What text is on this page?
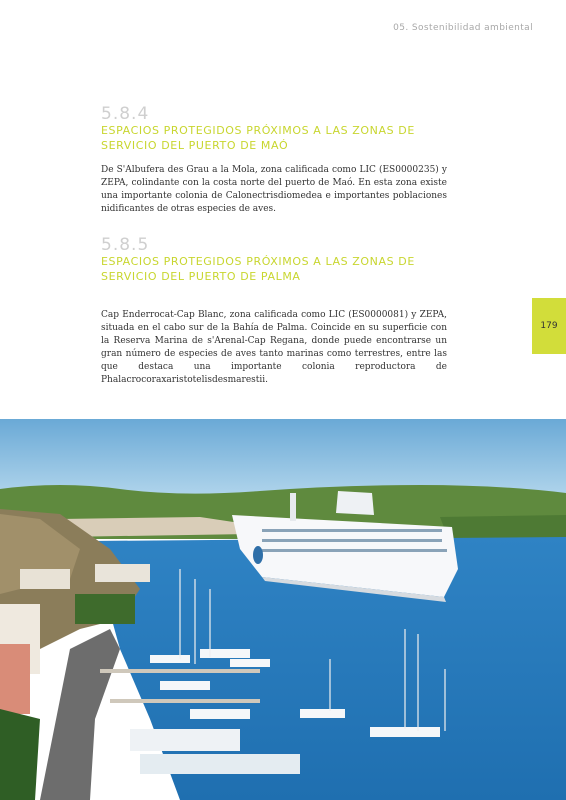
05. Sostenibilidad ambiental
5.8.4
ESPACIOS PROTEGIDOS PRÓXIMOS A LAS ZONAS DE SERVICIO DEL PUERTO DE MAÓ
De S'Albufera des Grau a la Mola, zona calificada como LIC (ES0000235) y ZEPA, colindante con la costa norte del puerto de Maó. En esta zona existe una importante colonia de Calonectrisdiomedea e importantes poblaciones nidificantes de otras especies de aves.
5.8.5
ESPACIOS PROTEGIDOS PRÓXIMOS A LAS ZONAS DE SERVICIO DEL PUERTO DE PALMA
Cap Enderrocat-Cap Blanc, zona calificada como LIC (ES0000081) y ZEPA, situada en el cabo sur de la Bahía de Palma. Coincide en su superficie con la Reserva Marina de s'Arenal-Cap Regana, donde puede encontrarse un gran número de especies de aves tanto marinas como terrestres, entre las que destaca una importante colonia reproductora de Phalacrocoraxaristotelisdesmarestii.
179
